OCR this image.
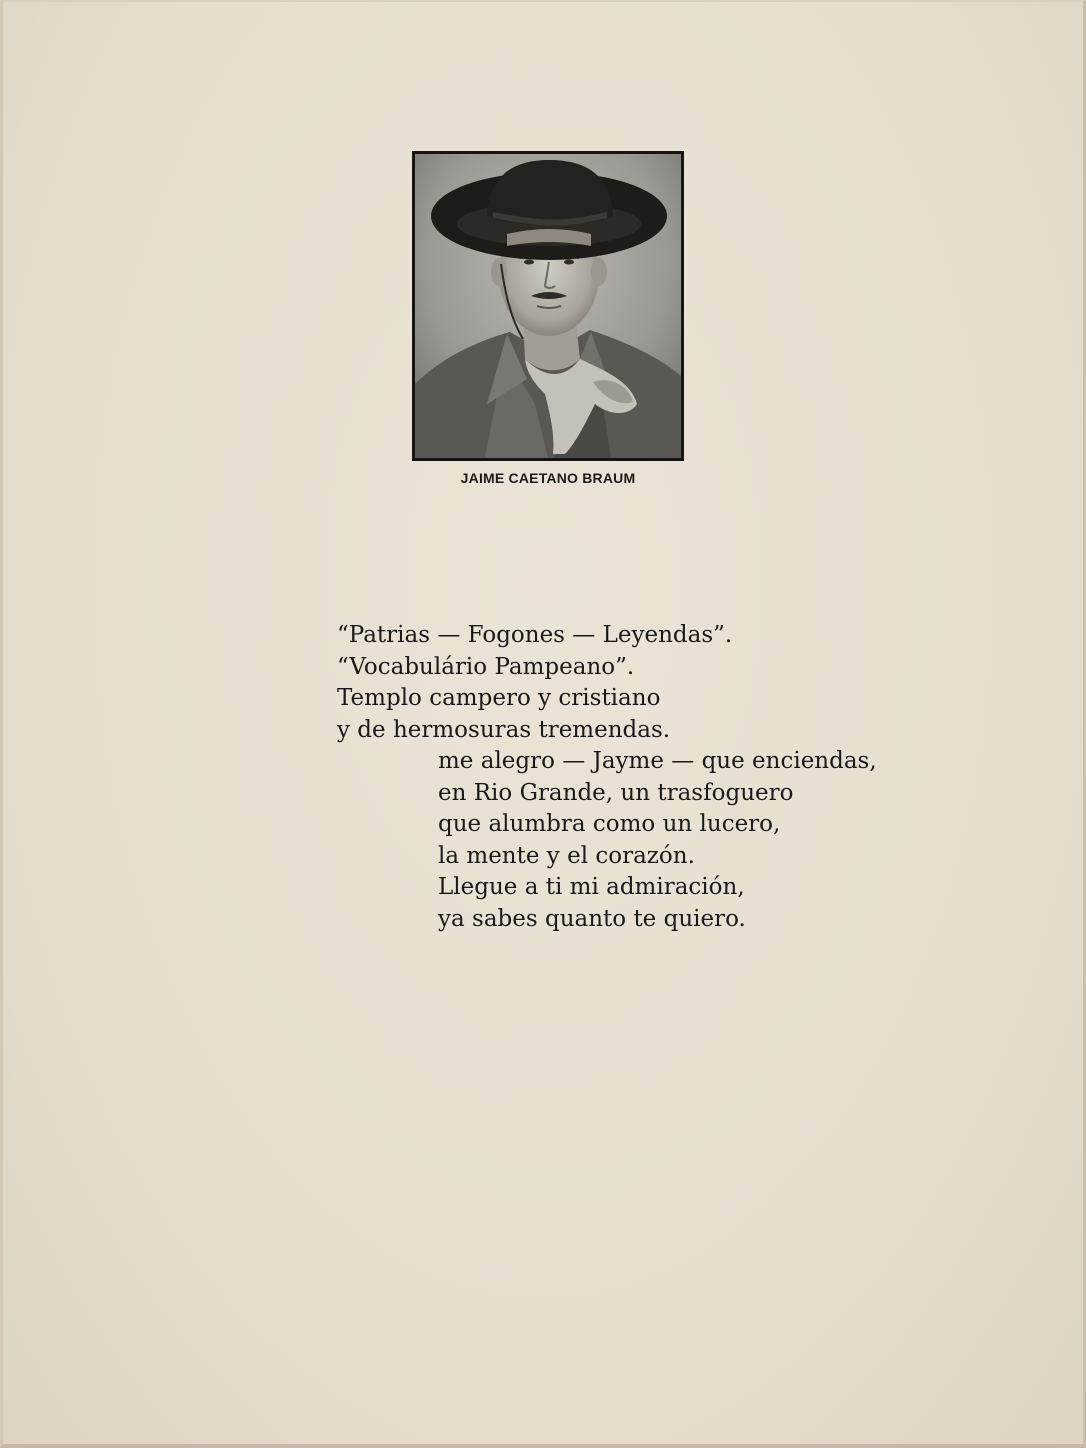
JAIME CAETANO BRAUM
“Patrias — Fogones — Leyendas”.
“Vocabulário Pampeano”.
Templo campero y cristiano
y de hermosuras tremendas.
me alegro — Jayme — que enciendas,
en Rio Grande, un trasfoguero
que alumbra como un lucero,
la mente y el corazón.
Llegue a ti mi admiración,
ya sabes quanto te quiero.
